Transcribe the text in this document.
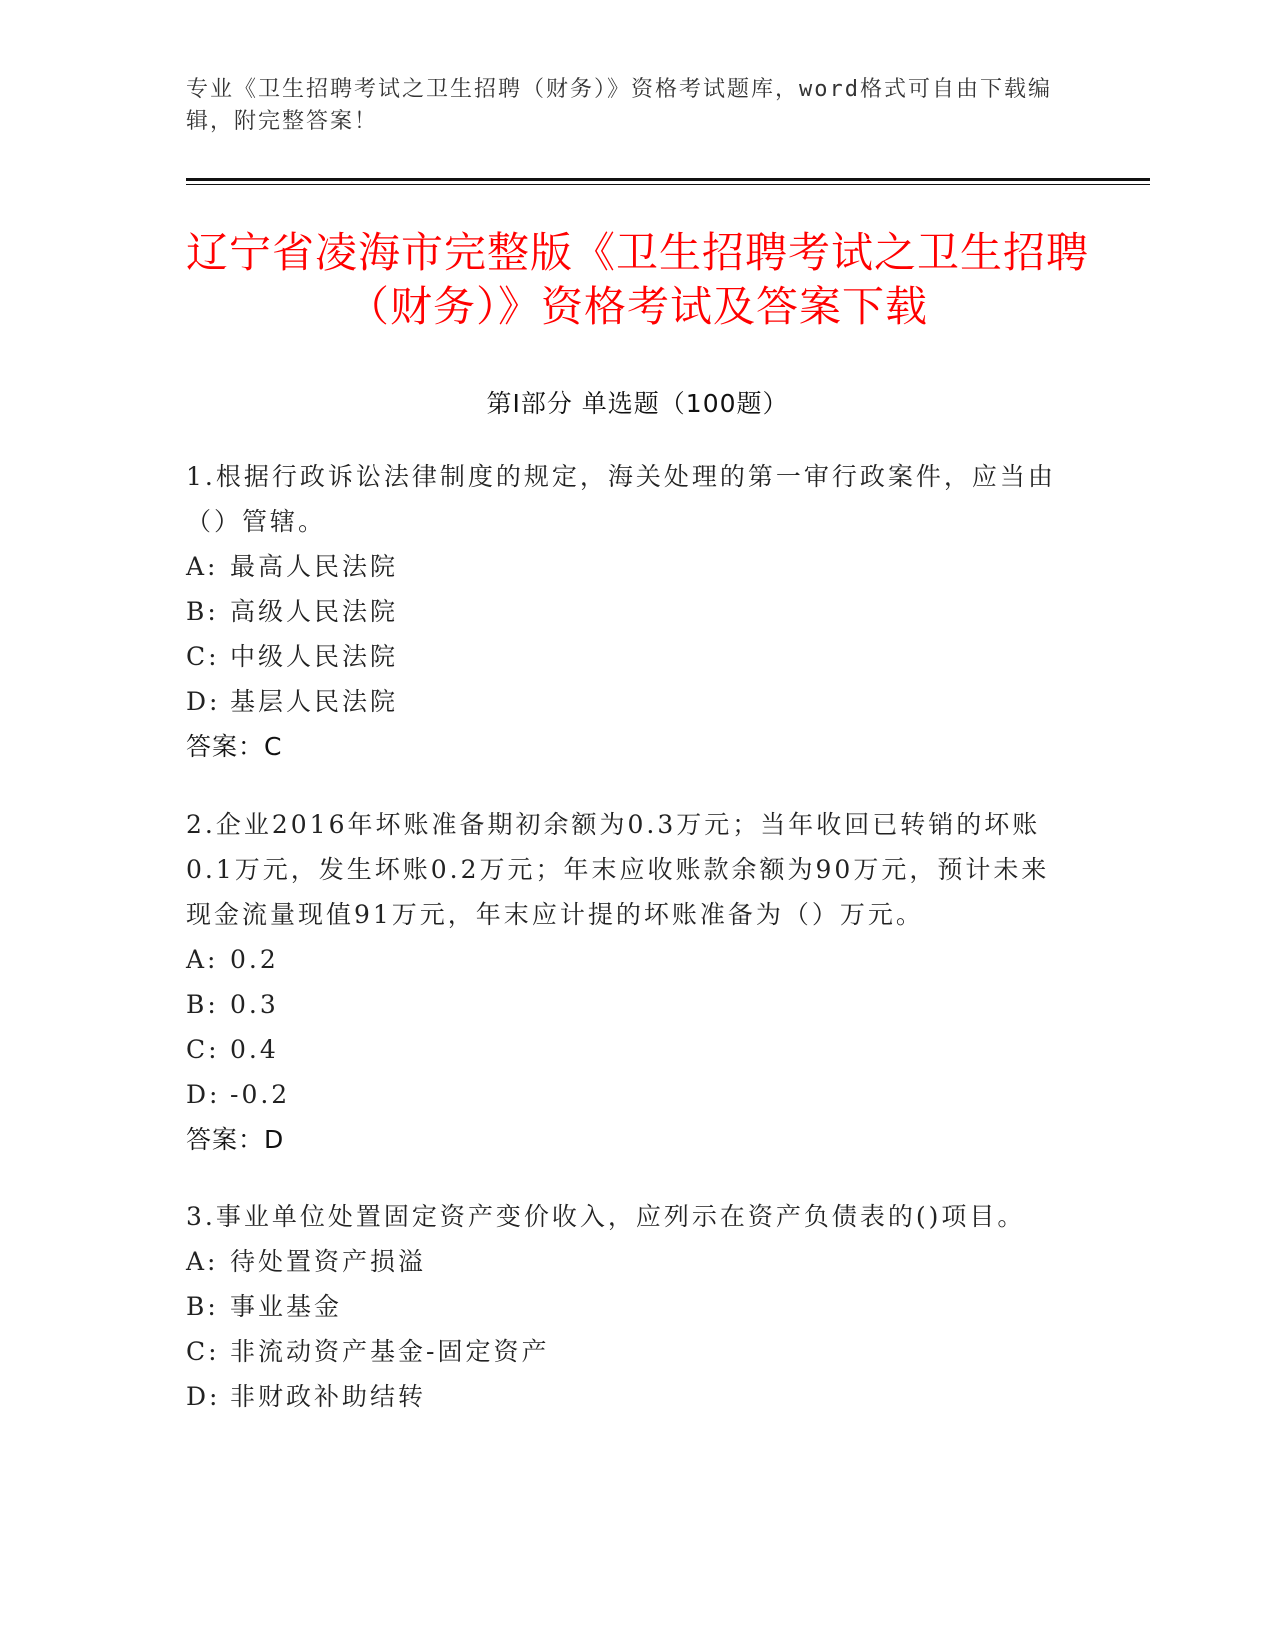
专业《卫生招聘考试之卫生招聘（财务）》资格考试题库，word格式可自由下载编辑，附完整答案！
辽宁省凌海市完整版《卫生招聘考试之卫生招聘（财务）》资格考试及答案下载
第Ⅰ部分 单选题（100题）

1.根据行政诉讼法律制度的规定，海关处理的第一审行政案件，应当由（）管辖。

A: 最高人民法院

B: 高级人民法院

C: 中级人民法院

D: 基层人民法院

答案：C

2.企业2016年坏账准备期初余额为0.3万元；当年收回已转销的坏账0.1万元，发生坏账0.2万元；年末应收账款余额为90万元，预计未来现金流量现值91万元，年末应计提的坏账准备为（）万元。

A: 0.2

B: 0.3

C: 0.4

D: -0.2

答案：D

3.事业单位处置固定资产变价收入，应列示在资产负债表的()项目。

A: 待处置资产损溢

B: 事业基金

C: 非流动资产基金-固定资产

D: 非财政补助结转
